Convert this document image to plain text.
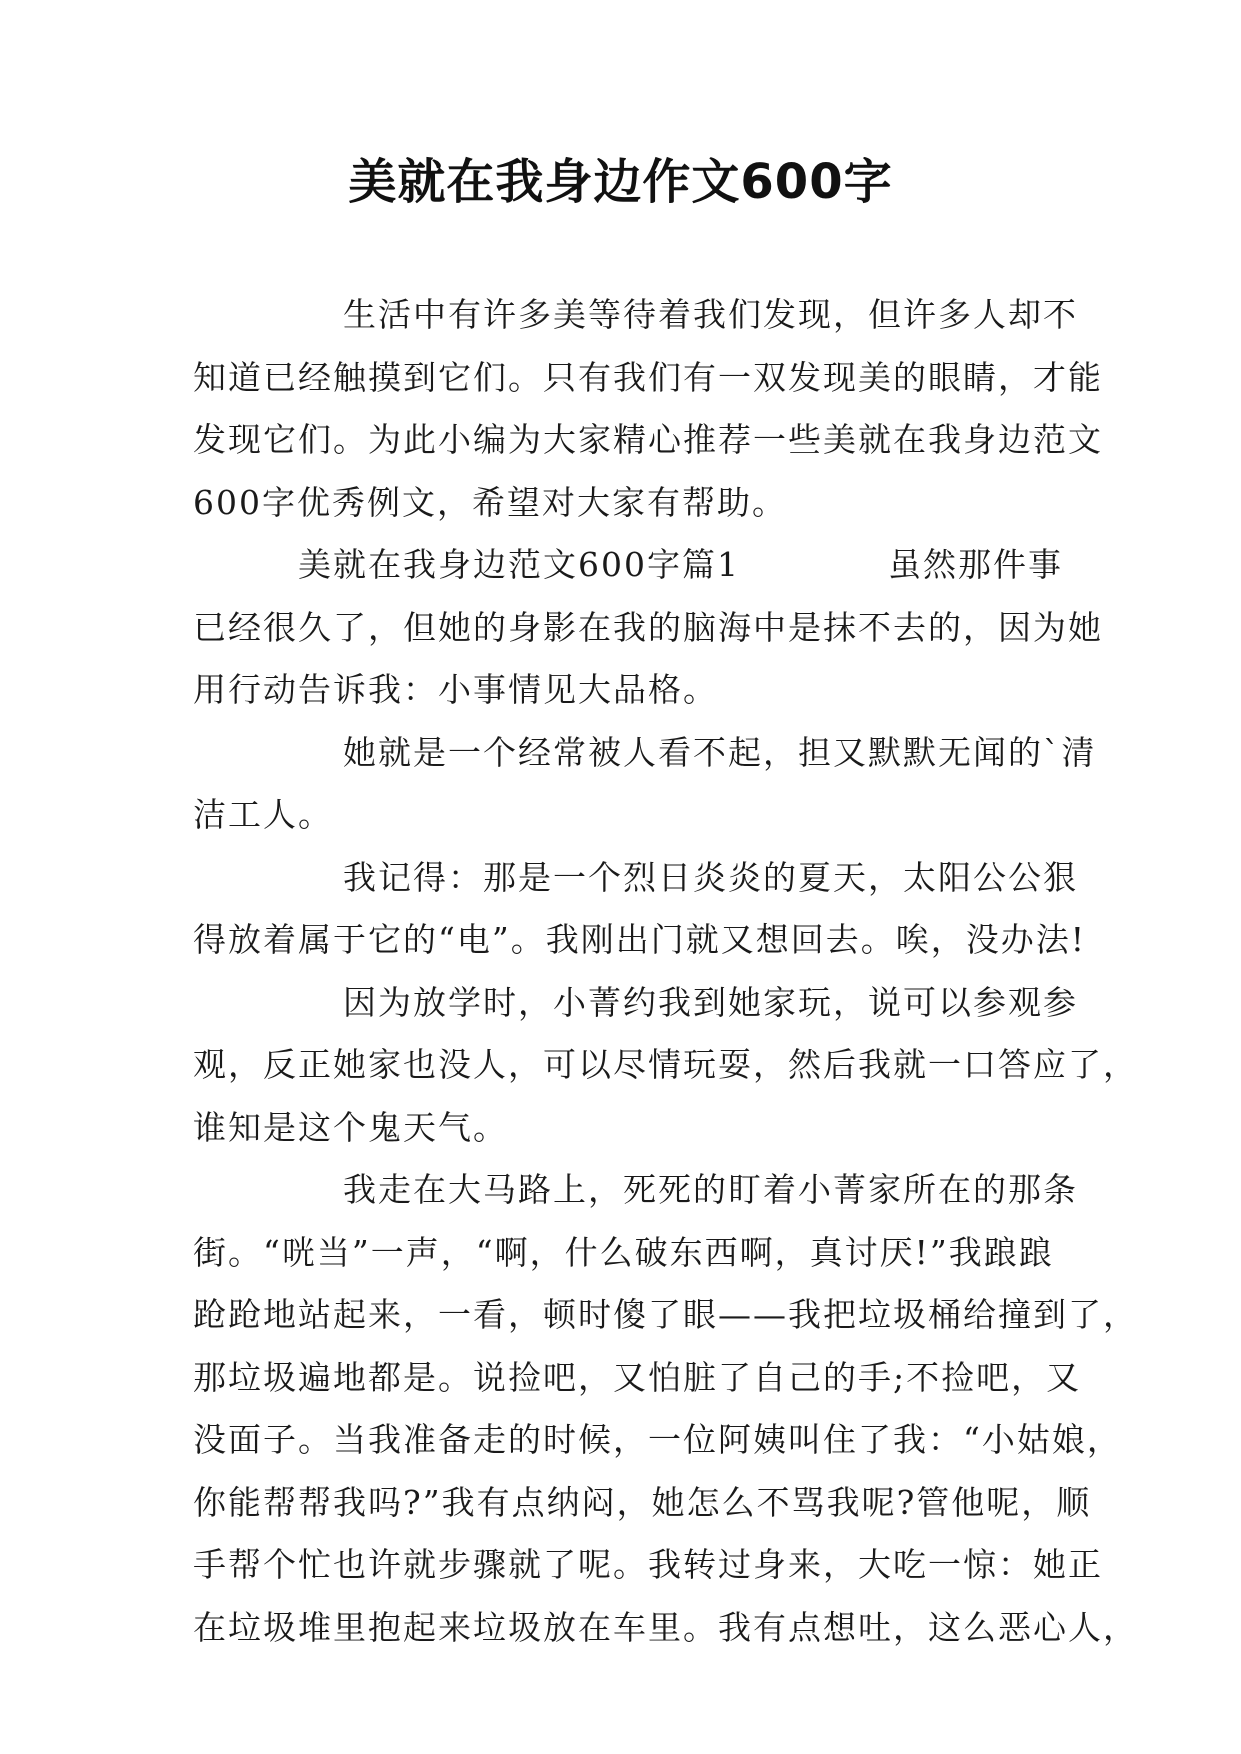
美就在我身边作文600字
生活中有许多美等待着我们发现，但许多人却不
知道已经触摸到它们。只有我们有一双发现美的眼睛，才能
发现它们。为此小编为大家精心推荐一些美就在我身边范文
600字优秀例文，希望对大家有帮助。
美就在我身边范文600字篇1	虽然那件事
已经很久了，但她的身影在我的脑海中是抹不去的，因为她
用行动告诉我：小事情见大品格。
她就是一个经常被人看不起，担又默默无闻的`清
洁工人。
我记得：那是一个烈日炎炎的夏天，太阳公公狠
得放着属于它的“电”。我刚出门就又想回去。唉，没办法!
因为放学时，小菁约我到她家玩，说可以参观参
观，反正她家也没人，可以尽情玩耍，然后我就一口答应了，
谁知是这个鬼天气。
我走在大马路上，死死的盯着小菁家所在的那条
街。“咣当”一声，“啊，什么破东西啊，真讨厌!”我踉踉
跄跄地站起来，一看，顿时傻了眼——我把垃圾桶给撞到了，
那垃圾遍地都是。说捡吧，又怕脏了自己的手;不捡吧，又
没面子。当我准备走的时候，一位阿姨叫住了我：“小姑娘，
你能帮帮我吗?”我有点纳闷，她怎么不骂我呢?管他呢，顺
手帮个忙也许就步骤就了呢。我转过身来，大吃一惊：她正
在垃圾堆里抱起来垃圾放在车里。我有点想吐，这么恶心人，
